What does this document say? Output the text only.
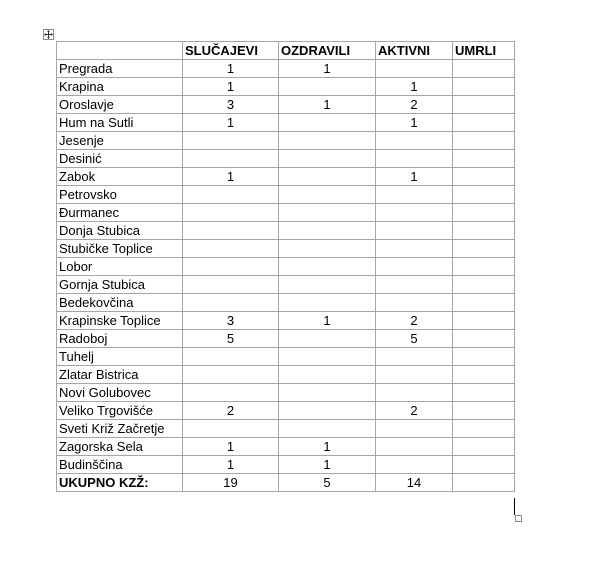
	SLUČAJEVI	OZDRAVILI	AKTIVNI	UMRLI
Pregrada	1	1		
Krapina	1		1	
Oroslavje	3	1	2	
Hum na Sutli	1		1	
Jesenje				
Desinić				
Zabok	1		1	
Petrovsko				
Đurmanec				
Donja Stubica				
Stubičke Toplice				
Lobor				
Gornja Stubica				
Bedekovčina				
Krapinske Toplice	3	1	2	
Radoboj	5		5	
Tuhelj				
Zlatar Bistrica				
Novi Golubovec				
Veliko Trgovišće	2		2	
Sveti Križ Začretje				
Zagorska Sela	1	1		
Budinščina	1	1		
UKUPNO KZŽ:	19	5	14	
